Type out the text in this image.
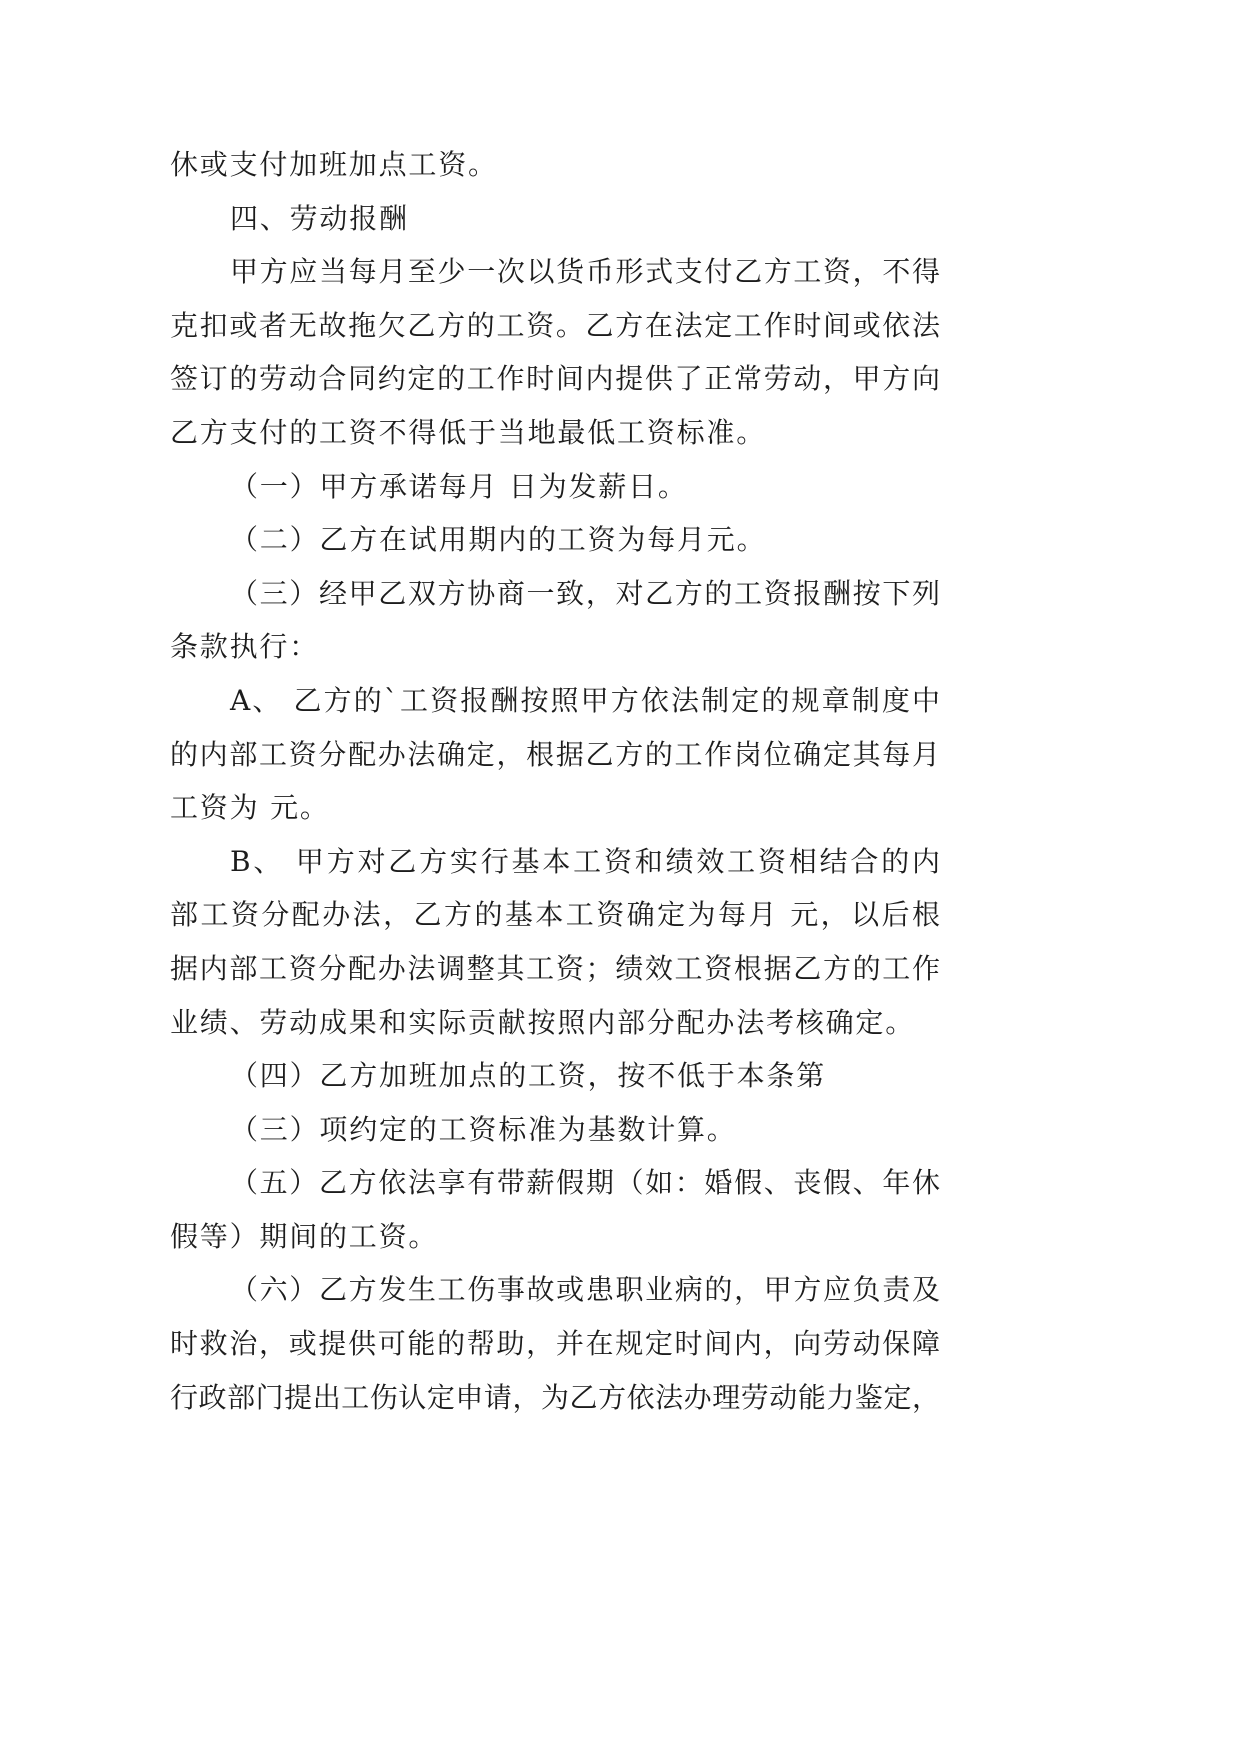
休或支付加班加点工资。
四、劳动报酬
甲方应当每月至少一次以货币形式支付乙方工资，不得
克扣或者无故拖欠乙方的工资。乙方在法定工作时间或依法
签订的劳动合同约定的工作时间内提供了正常劳动，甲方向
乙方支付的工资不得低于当地最低工资标准。
（一）甲方承诺每月 日为发薪日。
（二）乙方在试用期内的工资为每月元。
（三）经甲乙双方协商一致，对乙方的工资报酬按下列
条款执行：
A、 乙方的`工资报酬按照甲方依法制定的规章制度中
的内部工资分配办法确定，根据乙方的工作岗位确定其每月
工资为 元。
B、 甲方对乙方实行基本工资和绩效工资相结合的内
部工资分配办法，乙方的基本工资确定为每月 元，以后根
据内部工资分配办法调整其工资；绩效工资根据乙方的工作
业绩、劳动成果和实际贡献按照内部分配办法考核确定。
（四）乙方加班加点的工资，按不低于本条第
（三）项约定的工资标准为基数计算。
（五）乙方依法享有带薪假期（如：婚假、丧假、年休
假等）期间的工资。
（六）乙方发生工伤事故或患职业病的，甲方应负责及
时救治，或提供可能的帮助，并在规定时间内，向劳动保障
行政部门提出工伤认定申请，为乙方依法办理劳动能力鉴定，
